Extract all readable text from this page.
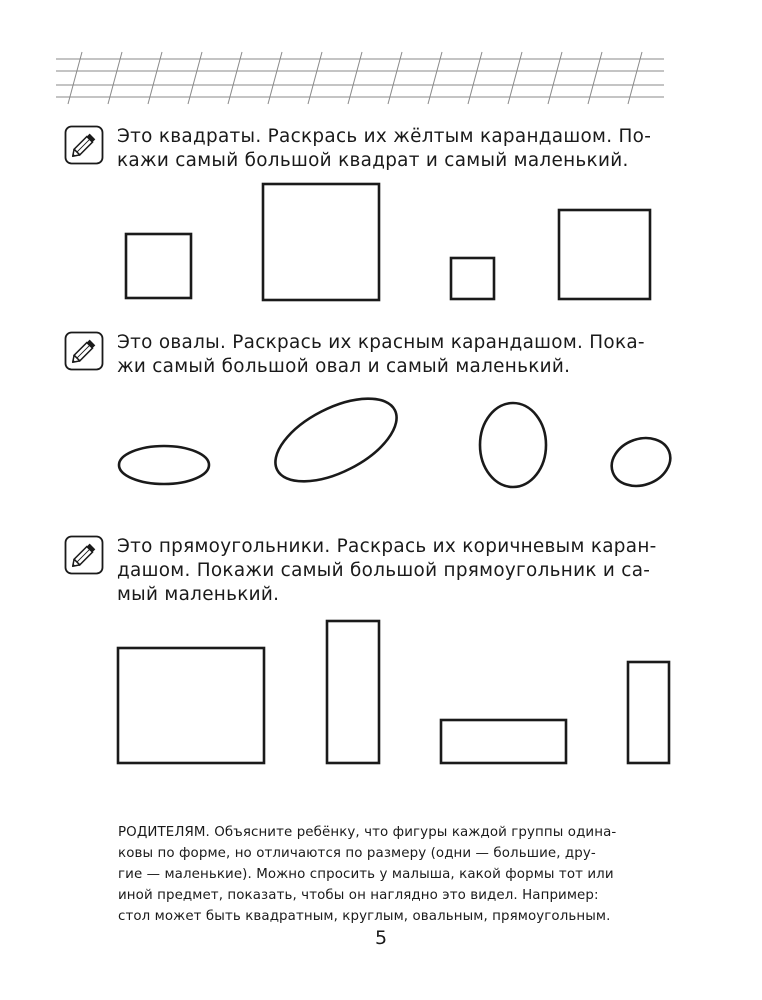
Это квадраты. Раскрась их жёлтым карандашом. По-
кажи самый большой квадрат и самый маленький.
Это овалы. Раскрась их красным карандашом. Пока-
жи самый большой овал и самый маленький.
Это прямоугольники. Раскрась их коричневым каран-
дашом. Покажи самый большой прямоугольник и са-
мый маленький.
РОДИТЕЛЯМ. Объясните ребёнку, что фигуры каждой группы одина-
ковы по форме, но отличаются по размеру (одни — большие, дру-
гие — маленькие). Можно спросить у малыша, какой формы тот или
иной предмет, показать, чтобы он наглядно это видел. Например:
стол может быть квадратным, круглым, овальным, прямоугольным.
5
